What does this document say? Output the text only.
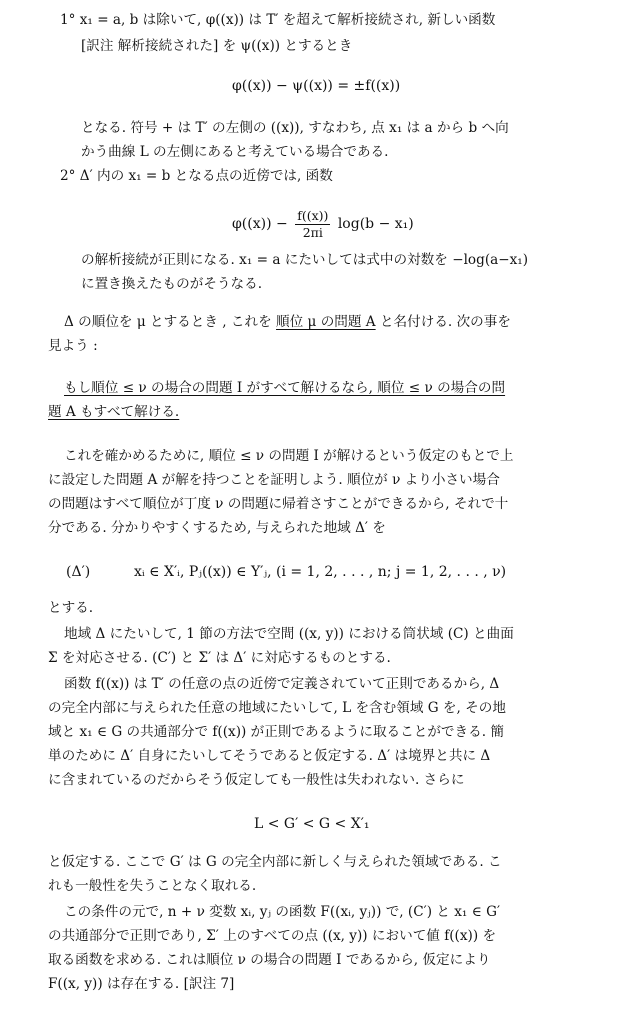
1° x₁ = a, b は除いて, φ((x)) は T′ を超えて解析接続され, 新しい函数
[訳注 解析接続された] を ψ((x)) とするとき
φ((x)) − ψ((x)) = ±f((x))
となる. 符号 + は T′ の左側の ((x)), すなわち, 点 x₁ は a から b へ向
かう曲線 L の左側にあると考えている場合である.
2° Δ′ 内の x₁ = b となる点の近傍では, 函数
$\varphi((x)) - \frac{f((x))}{2\pi i} \log(b - x_1)$
の解析接続が正則になる. x₁ = a にたいしては式中の対数を −log(a−x₁)
に置き換えたものがそうなる.
Δ の順位を μ とするとき , これを 順位 μ の問題 A と名付ける. 次の事を
見よう :
もし順位 ≤ ν の場合の問題 I がすべて解けるなら, 順位 ≤ ν の場合の問
題 A もすべて解ける.
これを確かめるために, 順位 ≤ ν の問題 I が解けるという仮定のもとで上
に設定した問題 A が解を持つことを証明しよう. 順位が ν より小さい場合
の問題はすべて順位が丁度 ν の問題に帰着さすことができるから, それで十
分である. 分かりやすくするため, 与えられた地域 Δ′ を
(Δ′)	xᵢ ∈ X′ᵢ, Pⱼ((x)) ∈ Y′ⱼ, (i = 1, 2, . . . , n; j = 1, 2, . . . , ν)
とする.
地域 Δ にたいして, 1 節の方法で空間 ((x, y)) における筒状域 (C) と曲面
Σ を対応させる. (C′) と Σ′ は Δ′ に対応するものとする.
函数 f((x)) は T′ の任意の点の近傍で定義されていて正則であるから, Δ
の完全内部に与えられた任意の地域にたいして, L を含む領域 G を, その地
域と x₁ ∈ G の共通部分で f((x)) が正則であるように取ることができる. 簡
単のために Δ′ 自身にたいしてそうであると仮定する. Δ′ は境界と共に Δ
に含まれているのだからそう仮定しても一般性は失われない. さらに
L < G′ < G < X′₁
と仮定する. ここで G′ は G の完全内部に新しく与えられた領域である. こ
れも一般性を失うことなく取れる.
この条件の元で, n + ν 変数 xᵢ, yⱼ の函数 F((xᵢ, yⱼ)) で, (C′) と x₁ ∈ G′
の共通部分で正則であり, Σ′ 上のすべての点 ((x, y)) において値 f((x)) を
取る函数を求める. これは順位 ν の場合の問題 I であるから, 仮定により
F((x, y)) は存在する. [訳注 7]
